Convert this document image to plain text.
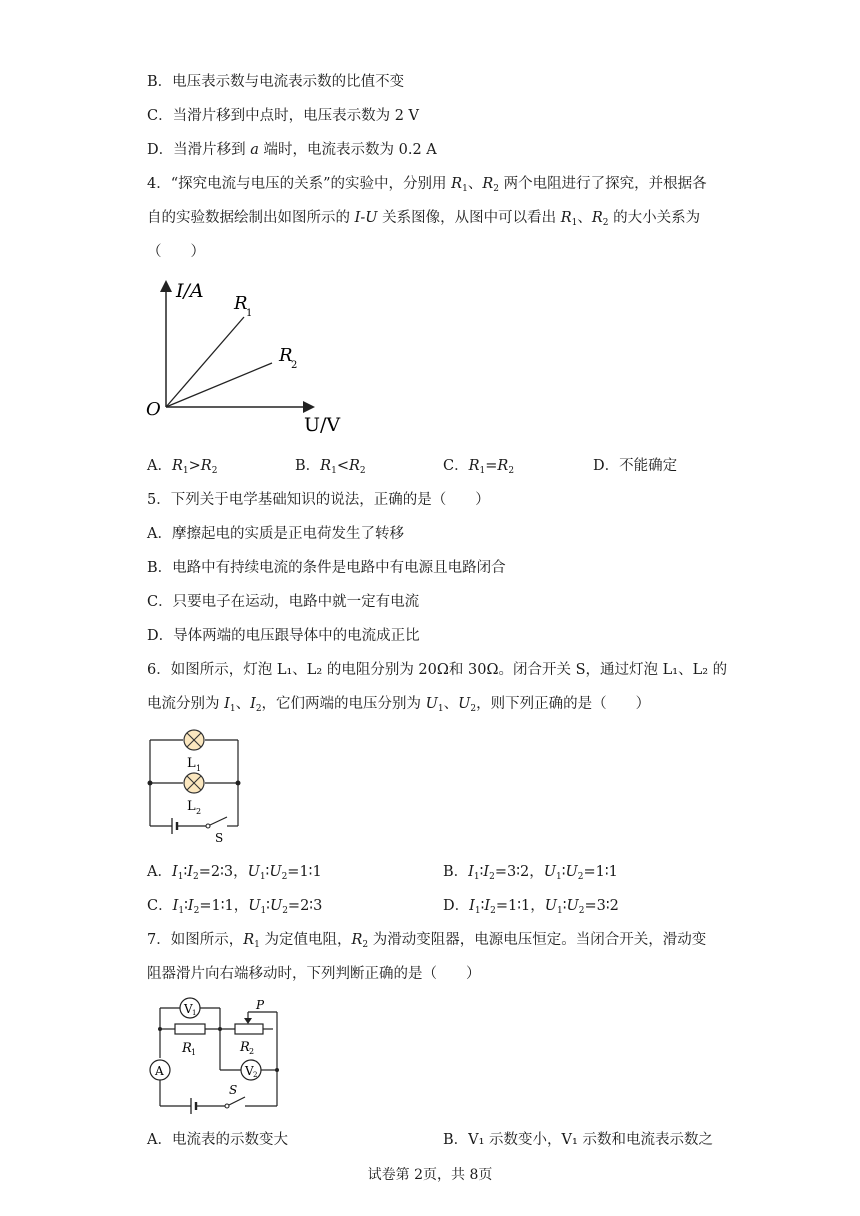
B．电压表示数与电流表示数的比值不变
C．当滑片移到中点时，电压表示数为 2 V
D．当滑片移到 a 端时，电流表示数为 0.2 A
4．“探究电流与电压的关系”的实验中，分别用 $R_1$、$R_2$ 两个电阻进行了探究，并根据各
自的实验数据绘制出如图所示的 I-U 关系图像，从图中可以看出 $R_1$、$R_2$ 的大小关系为
（　　）
I/A
U/V
O
R
1
R
2
A．$R_1>R_2$	B．$R_1<R_2$	C．$R_1=R_2$	D．不能确定
5．下列关于电学基础知识的说法，正确的是（　　）
A．摩擦起电的实质是正电荷发生了转移
B．电路中有持续电流的条件是电路中有电源且电路闭合
C．只要电子在运动，电路中就一定有电流
D．导体两端的电压跟导体中的电流成正比
6．如图所示，灯泡 L₁、L₂ 的电阻分别为 20Ω和 30Ω。闭合开关 S，通过灯泡 L₁、L₂ 的
电流分别为 $I_1$、$I_2$，它们两端的电压分别为 $U_1$、$U_2$，则下列正确的是（　　）
L 1
L 2
S
A．$I_1∶I_2=2∶3$，$U_1∶U_2=1∶1$	B．$I_1∶I_2=3∶2$，$U_1∶U_2=1∶1$
C．$I_1∶I_2=1∶1$，$U_1∶U_2=2∶3$	D．$I_1∶I_2=1∶1$，$U_1∶U_2=3∶2$
7．如图所示，$R_1$ 为定值电阻，$R_2$ 为滑动变阻器，电源电压恒定。当闭合开关，滑动变
阻器滑片向右端移动时，下列判断正确的是（　　）
V 1
P
R 1	R 2
V 2
A
S
A．电流表的示数变大	B．V₁ 示数变小，V₁ 示数和电流表示数之
试卷第 2页，共 8页
